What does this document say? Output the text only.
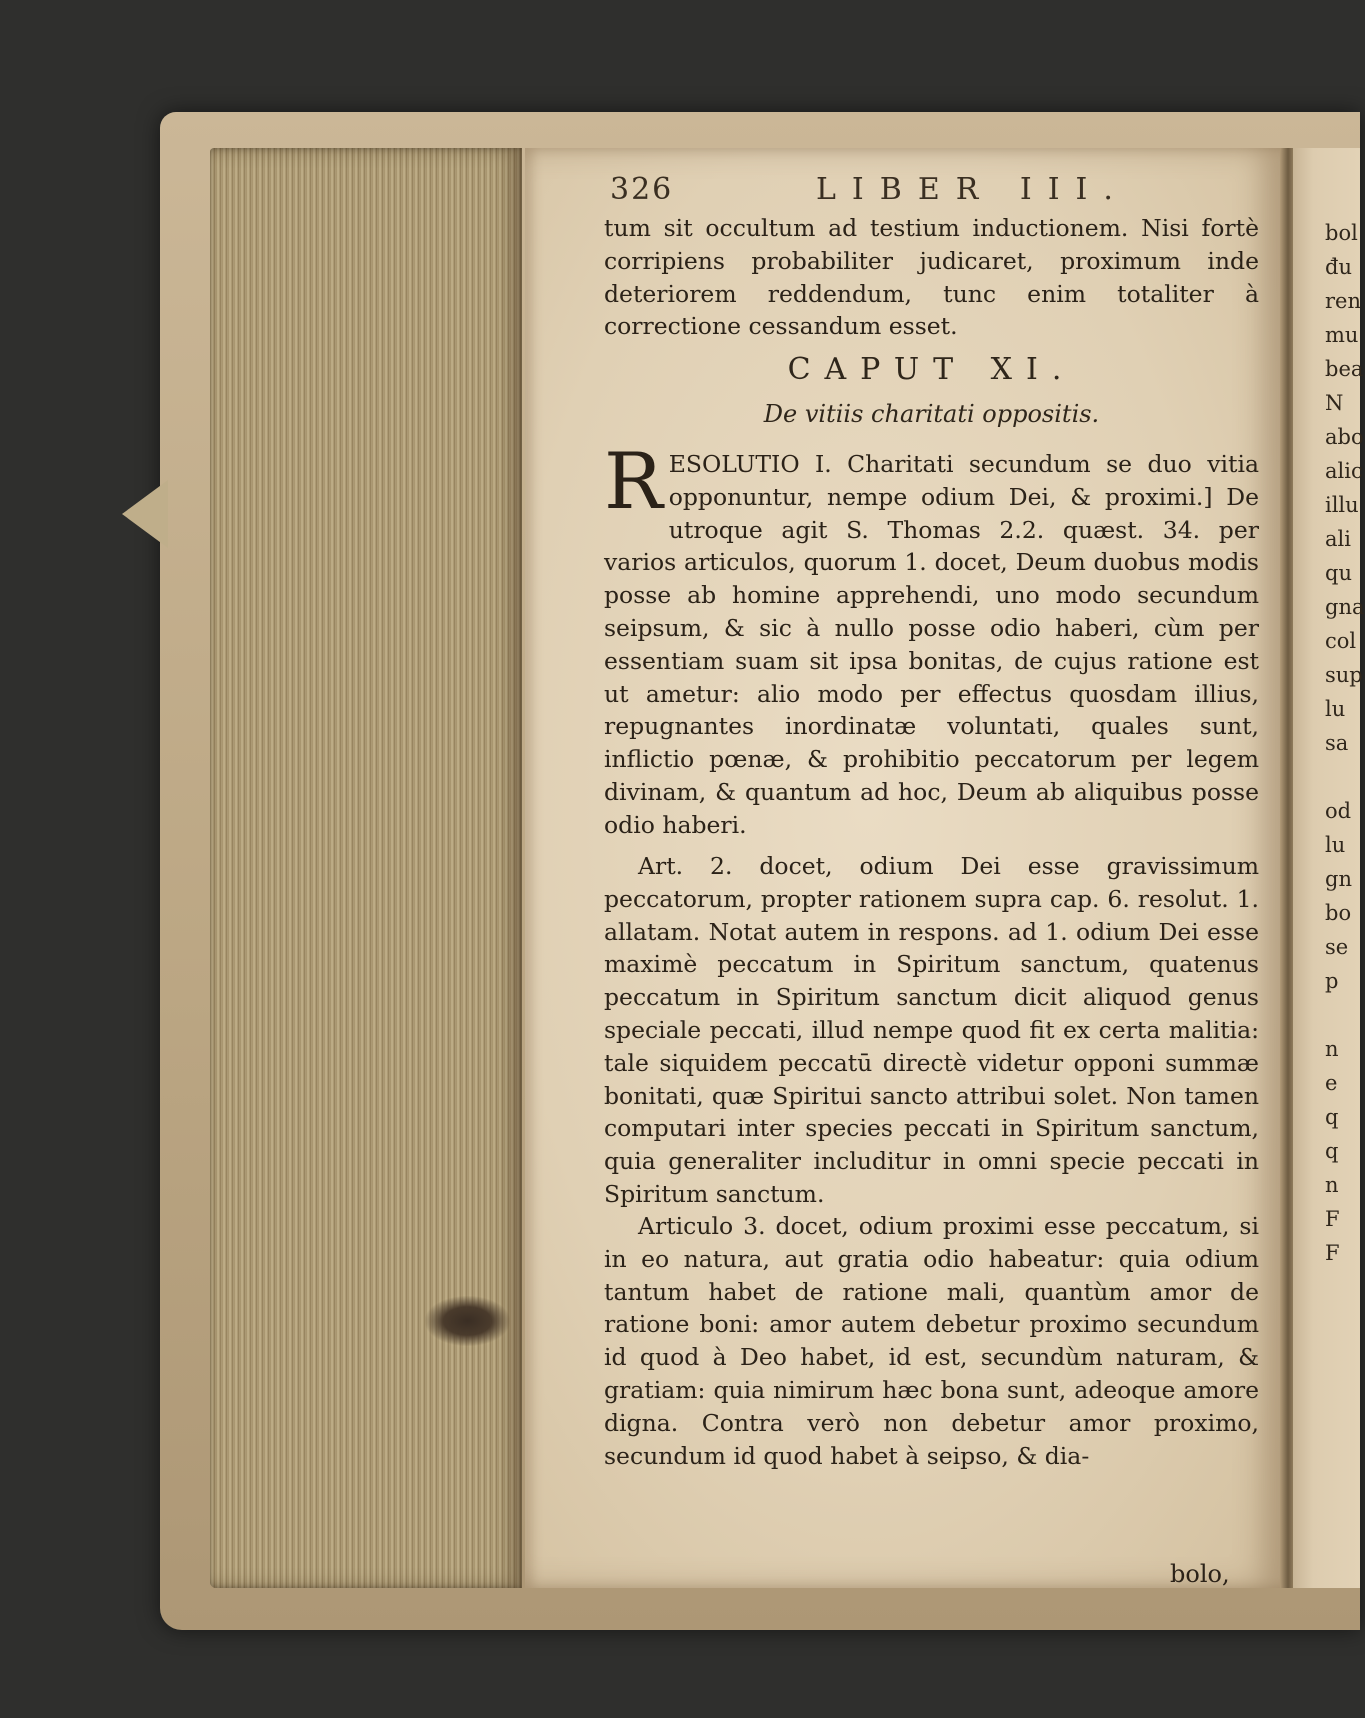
bol
đu
ren
mu
bea
N
abo
alic
illu
ali
qu
gna
col
sup
lu
sa

od
lu
gn
bo
se
p

n
e
q
q
n
F
F
326	LIBER III.

tum sit occultum ad testium inductionem. Nisi fortè corripiens probabiliter judicaret, proximum inde deteriorem reddendum, tunc enim totaliter à correctione cessandum esset.

CAPUT XI.
De vitiis charitati oppositis.
R ESOLUTIO I. Charitati secundum se duo vitia opponuntur, nempe odium Dei, & proximi.] De utroque agit S. Thomas 2.2. quæst. 34. per varios articulos, quorum 1. docet, Deum duobus modis posse ab homine apprehendi, uno modo secundum seipsum, & sic à nullo posse odio haberi, cùm per essentiam suam sit ipsa bonitas, de cujus ratione est ut ametur: alio modo per effectus quosdam illius, repugnantes inordinatæ voluntati, quales sunt, inflictio pœnæ, & prohibitio peccatorum per legem divinam, & quantum ad hoc, Deum ab aliquibus posse odio haberi.

Art. 2. docet, odium Dei esse gravissimum peccatorum, propter rationem supra cap. 6. resolut. 1. allatam. Notat autem in respons. ad 1. odium Dei esse maximè peccatum in Spiritum sanctum, quatenus peccatum in Spiritum sanctum dicit aliquod genus speciale peccati, illud nempe quod fit ex certa malitia: tale siquidem peccatū directè videtur opponi summæ bonitati, quæ Spiritui sancto attribui solet. Non tamen computari inter species peccati in Spiritum sanctum, quia generaliter includitur in omni specie peccati in Spiritum sanctum.

Articulo 3. docet, odium proximi esse peccatum, si in eo natura, aut gratia odio habeatur: quia odium tantum habet de ratione mali, quantùm amor de ratione boni: amor autem debetur proximo secundum id quod à Deo habet, id est, secundùm naturam, & gratiam: quia nimirum hæc bona sunt, adeoque amore digna. Contra verò non debetur amor proximo, secundum id quod habet à seipso, & dia-

bolo,
